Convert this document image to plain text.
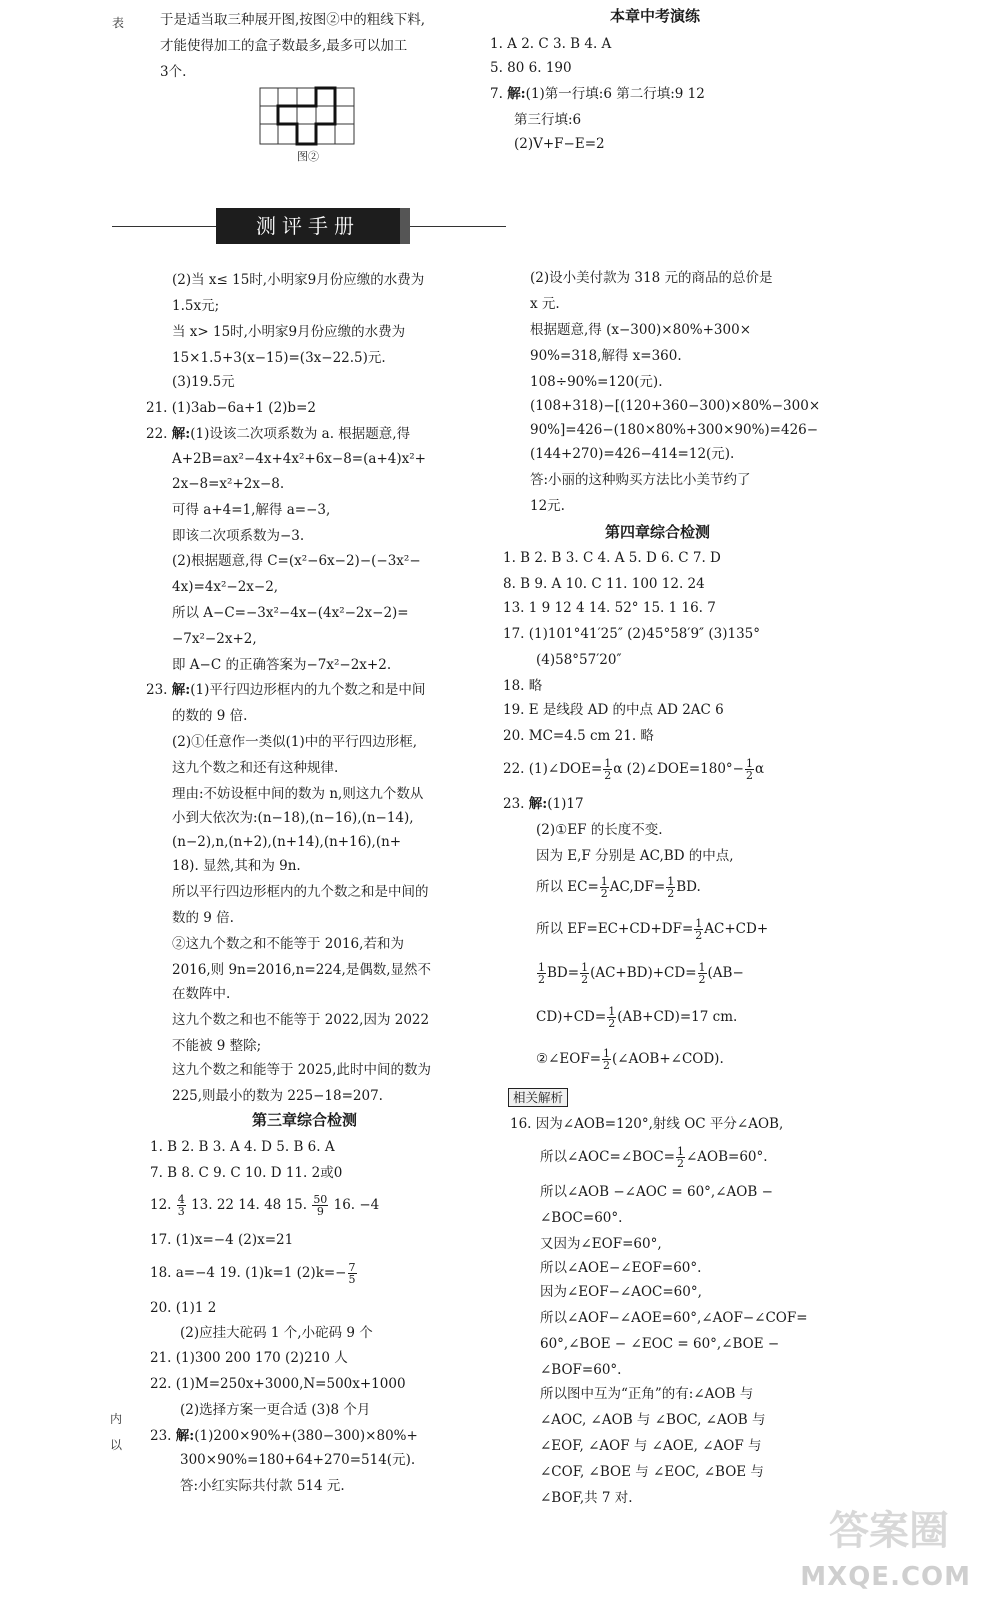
表
内
以
于是适当取三种展开图,按图②中的粗线下料,
才能使得加工的盒子数最多,最多可以加工
3个.
图②
本章中考演练
1. A 2. C 3. B 4. A
5. 80 6. 190
7. 解:(1)第一行填:6 第二行填:9 12
第三行填:6
(2)V+F−E=2
测评手册
(2)当 x≤ 15时,小明家9月份应缴的水费为
1.5x元;
当 x> 15时,小明家9月份应缴的水费为
15×1.5+3(x−15)=(3x−22.5)元.
(3)19.5元
21. (1)3ab−6a+1 (2)b=2
22. 解:(1)设该二次项系数为 a. 根据题意,得
A+2B=ax²−4x+4x²+6x−8=(a+4)x²+
2x−8=x²+2x−8.
可得 a+4=1,解得 a=−3,
即该二次项系数为−3.
(2)根据题意,得 C=(x²−6x−2)−(−3x²−
4x)=4x²−2x−2,
所以 A−C=−3x²−4x−(4x²−2x−2)=
−7x²−2x+2,
即 A−C 的正确答案为−7x²−2x+2.
23. 解:(1)平行四边形框内的九个数之和是中间
的数的 9 倍.
(2)①任意作一类似(1)中的平行四边形框,
这九个数之和还有这种规律.
理由:不妨设框中间的数为 n,则这九个数从
小到大依次为:(n−18),(n−16),(n−14),
(n−2),n,(n+2),(n+14),(n+16),(n+
18). 显然,其和为 9n.
所以平行四边形框内的九个数之和是中间的
数的 9 倍.
②这九个数之和不能等于 2016,若和为
2016,则 9n=2016,n=224,是偶数,显然不
在数阵中.
这九个数之和也不能等于 2022,因为 2022
不能被 9 整除;
这九个数之和能等于 2025,此时中间的数为
225,则最小的数为 225−18=207.
第三章综合检测
1. B 2. B 3. A 4. D 5. B 6. A
7. B 8. C 9. C 10. D 11. 2或0
12. $\frac{4}{3} 13$. 22 14. 48 15. $\frac{50}{9} 16$. −4
17. (1)x=−4 (2)x=21
18. a=−4 19. (1)k=1 $(2)k=- \frac{7}{5}$
20. (1)1 2
(2)应挂大砣码 1 个,小砣码 9 个
21. (1)300 200 170 (2)210 人
22. (1)M=250x+3000,N=500x+1000
(2)选择方案一更合适 (3)8 个月
23. 解:(1)200×90%+(380−300)×80%+
300×90%=180+64+270=514(元).
答:小红实际共付款 514 元.
(2)设小美付款为 318 元的商品的总价是
x 元.
根据题意,得 (x−300)×80%+300×
90%=318,解得 x=360.
108÷90%=120(元).
(108+318)−[(120+360−300)×80%−300×
90%]=426−(180×80%+300×90%)=426−
(144+270)=426−414=12(元).
答:小丽的这种购买方法比小美节约了
12元.
第四章综合检测
1. B 2. B 3. C 4. A 5. D 6. C 7. D
8. B 9. A 10. C 11. 100 12. 24
13. 1 9 12 4 14. 52° 15. 1 16. 7
17. (1)101°41′25″ (2)45°58′9″ (3)135°
(4)58°57′20″
18. 略
19. E 是线段 AD 的中点 AD 2AC 6
20. MC=4.5 cm 21. 略
22. (1)∠DOE= $\frac{1}{2}$ α (2)∠DOE=180°− $\frac{1}{2}$ α
23. 解:(1)17
(2)①EF 的长度不变.
因为 E,F 分别是 AC,BD 的中点,
所以 $EC= \frac{1}{2} AC,DF= \frac{1}{2}$ BD.
所以 $EF=EC+CD+DF= \frac{1}{2} AC+CD+$
$\frac{1}{2} BD= \frac{1}{2} (AC+BD)+CD= \frac{1}{2} (AB-$
$CD)+CD= \frac{1}{2} (AB+CD)=17$ cm.
②∠EOF= $\frac{1}{2}$ (∠AOB+∠COD).
相关解析
16. 因为∠AOB=120°,射线 OC 平分∠AOB,
所以∠AOC=∠BOC= $\frac{1}{2}$ ∠AOB=60°.
所以∠AOB −∠AOC = 60°,∠AOB −
∠BOC=60°.
又因为∠EOF=60°,
所以∠AOE−∠EOF=60°.
因为∠EOF−∠AOC=60°,
所以∠AOF−∠AOE=60°,∠AOF−∠COF=
60°,∠BOE − ∠EOC = 60°,∠BOE −
∠BOF=60°.
所以图中互为“正角”的有:∠AOB 与
∠AOC, ∠AOB 与 ∠BOC, ∠AOB 与
∠EOF, ∠AOF 与 ∠AOE, ∠AOF 与
∠COF, ∠BOE 与 ∠EOC, ∠BOE 与
∠BOF,共 7 对.
答案圈
MXQE.COM
